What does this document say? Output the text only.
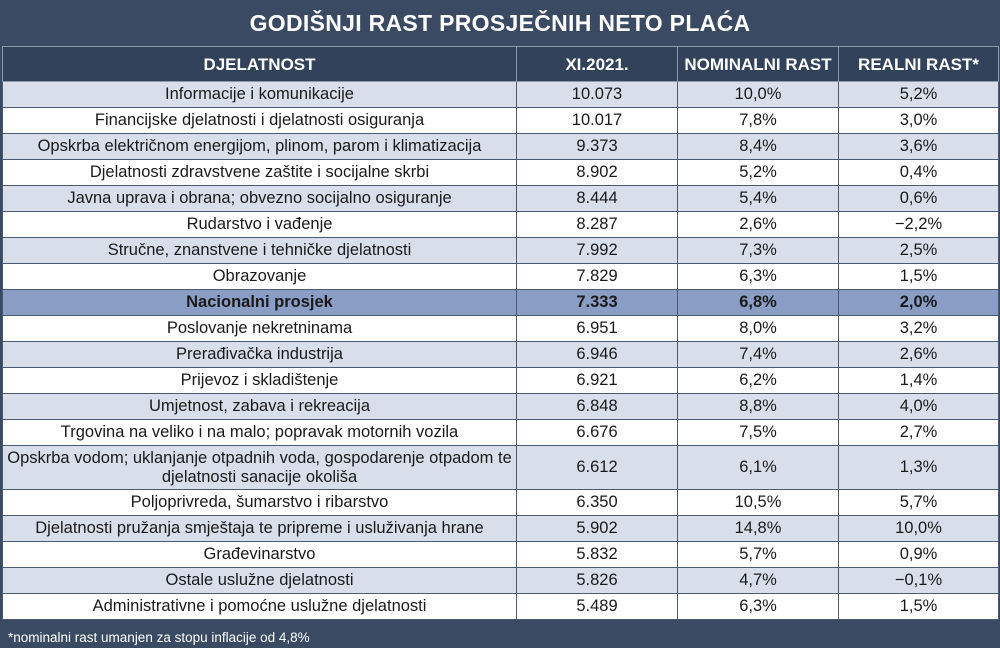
GODIŠNJI RAST PROSJEČNIH NETO PLAĆA
DJELATNOST	XI.2021.	NOMINALNI RAST	REALNI RAST*
Informacije i komunikacije	10.073	10,0%	5,2%
Financijske djelatnosti i djelatnosti osiguranja	10.017	7,8%	3,0%
Opskrba električnom energijom, plinom, parom i klimatizacija	9.373	8,4%	3,6%
Djelatnosti zdravstvene zaštite i socijalne skrbi	8.902	5,2%	0,4%
Javna uprava i obrana; obvezno socijalno osiguranje	8.444	5,4%	0,6%
Rudarstvo i vađenje	8.287	2,6%	−2,2%
Stručne, znanstvene i tehničke djelatnosti	7.992	7,3%	2,5%
Obrazovanje	7.829	6,3%	1,5%
Nacionalni prosjek	7.333	6,8%	2,0%
Poslovanje nekretninama	6.951	8,0%	3,2%
Prerađivačka industrija	6.946	7,4%	2,6%
Prijevoz i skladištenje	6.921	6,2%	1,4%
Umjetnost, zabava i rekreacija	6.848	8,8%	4,0%
Trgovina na veliko i na malo; popravak motornih vozila	6.676	7,5%	2,7%
Opskrba vodom; uklanjanje otpadnih voda, gospodarenje otpadom te djelatnosti sanacije okoliša	6.612	6,1%	1,3%
Poljoprivreda, šumarstvo i ribarstvo	6.350	10,5%	5,7%
Djelatnosti pružanja smještaja te pripreme i usluživanja hrane	5.902	14,8%	10,0%
Građevinarstvo	5.832	5,7%	0,9%
Ostale uslužne djelatnosti	5.826	4,7%	−0,1%
Administrativne i pomoćne uslužne djelatnosti	5.489	6,3%	1,5%
*nominalni rast umanjen za stopu inflacije od 4,8%
